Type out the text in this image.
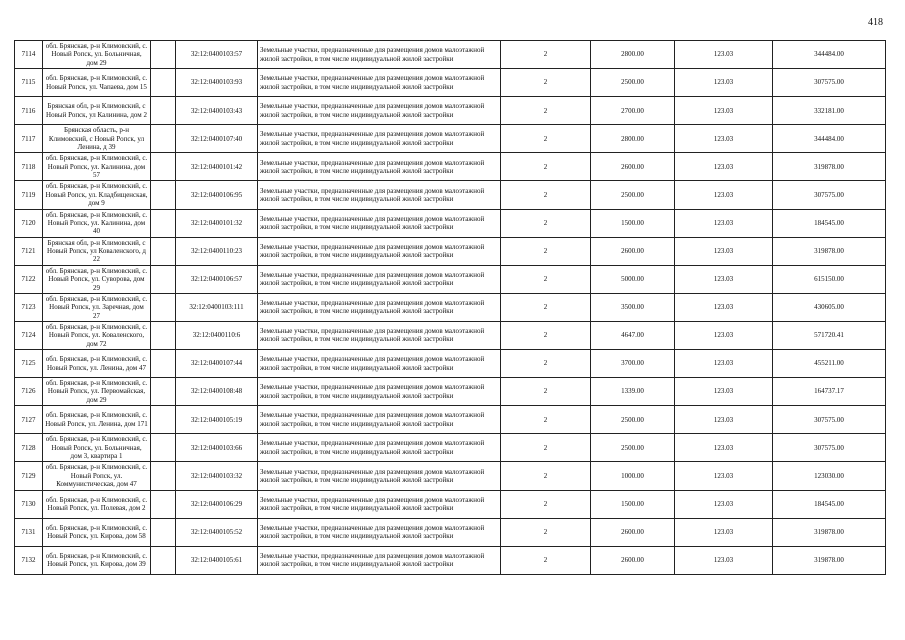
418
7114	обл. Брянская, р-н Климовский, с. Новый Ропск, ул. Больничная, дом 29		32:12:0400103:57	Земельные участки, предназначенные для размещения домов малоэтажной жилой застройки, в том числе индивидуальной жилой застройки	2	2800.00	123.03	344484.00
7115	обл. Брянская, р-н Климовский, с. Новый Ропск, ул. Чапаева, дом 15		32:12:0400103:93	Земельные участки, предназначенные для размещения домов малоэтажной жилой застройки, в том числе индивидуальной жилой застройки	2	2500.00	123.03	307575.00
7116	Брянская обл, р-н Климовский, с Новый Ропск, ул Калинина, дом 2		32:12:0400103:43	Земельные участки, предназначенные для размещения домов малоэтажной жилой застройки, в том числе индивидуальной жилой застройки	2	2700.00	123.03	332181.00
7117	Брянская область, р-н Климовский, с Новый Ропск, ул Ленина, д 39		32:12:0400107:40	Земельные участки, предназначенные для размещения домов малоэтажной жилой застройки, в том числе индивидуальной жилой застройки	2	2800.00	123.03	344484.00
7118	обл. Брянская, р-н Климовский, с. Новый Ропск, ул. Калинина, дом 57		32:12:0400101:42	Земельные участки, предназначенные для размещения домов малоэтажной жилой застройки, в том числе индивидуальной жилой застройки	2	2600.00	123.03	319878.00
7119	обл. Брянская, р-н Климовский, с. Новый Ропск, ул. Кладбищенская, дом 9		32:12:0400106:95	Земельные участки, предназначенные для размещения домов малоэтажной жилой застройки, в том числе индивидуальной жилой застройки	2	2500.00	123.03	307575.00
7120	обл. Брянская, р-н Климовский, с. Новый Ропск, ул. Калинина, дом 40		32:12:0400101:32	Земельные участки, предназначенные для размещения домов малоэтажной жилой застройки, в том числе индивидуальной жилой застройки	2	1500.00	123.03	184545.00
7121	Брянская обл, р-н Климовский, с Новый Ропск, ул Коваленского, д 22		32:12:0400110:23	Земельные участки, предназначенные для размещения домов малоэтажной жилой застройки, в том числе индивидуальной жилой застройки	2	2600.00	123.03	319878.00
7122	обл. Брянская, р-н Климовский, с. Новый Ропск, ул. Суворова, дом 29		32:12:0400106:57	Земельные участки, предназначенные для размещения домов малоэтажной жилой застройки, в том числе индивидуальной жилой застройки	2	5000.00	123.03	615150.00
7123	обл. Брянская, р-н Климовский, с. Новый Ропск, ул. Заречная, дом 27		32:12:0400103:111	Земельные участки, предназначенные для размещения домов малоэтажной жилой застройки, в том числе индивидуальной жилой застройки	2	3500.00	123.03	430605.00
7124	обл. Брянская, р-н Климовский, с. Новый Ропск, ул. Коваленского, дом 72		32:12:0400110:6	Земельные участки, предназначенные для размещения домов малоэтажной жилой застройки, в том числе индивидуальной жилой застройки	2	4647.00	123.03	571720.41
7125	обл. Брянская, р-н Климовский, с. Новый Ропск, ул. Ленина, дом 47		32:12:0400107:44	Земельные участки, предназначенные для размещения домов малоэтажной жилой застройки, в том числе индивидуальной жилой застройки	2	3700.00	123.03	455211.00
7126	обл. Брянская, р-н Климовский, с. Новый Ропск, ул. Первомайская, дом 29		32:12:0400108:48	Земельные участки, предназначенные для размещения домов малоэтажной жилой застройки, в том числе индивидуальной жилой застройки	2	1339.00	123.03	164737.17
7127	обл. Брянская, р-н Климовский, с. Новый Ропск, ул. Ленина, дом 171		32:12:0400105:19	Земельные участки, предназначенные для размещения домов малоэтажной жилой застройки, в том числе индивидуальной жилой застройки	2	2500.00	123.03	307575.00
7128	обл. Брянская, р-н Климовский, с. Новый Ропск, ул. Больничная, дом 3, квартира 1		32:12:0400103:66	Земельные участки, предназначенные для размещения домов малоэтажной жилой застройки, в том числе индивидуальной жилой застройки	2	2500.00	123.03	307575.00
7129	обл. Брянская, р-н Климовский, с. Новый Ропск, ул. Коммунистическая, дом 47		32:12:0400103:32	Земельные участки, предназначенные для размещения домов малоэтажной жилой застройки, в том числе индивидуальной жилой застройки	2	1000.00	123.03	123030.00
7130	обл. Брянская, р-н Климовский, с. Новый Ропск, ул. Полевая, дом 2		32:12:0400106:29	Земельные участки, предназначенные для размещения домов малоэтажной жилой застройки, в том числе индивидуальной жилой застройки	2	1500.00	123.03	184545.00
7131	обл. Брянская, р-н Климовский, с. Новый Ропск, ул. Кирова, дом 58		32:12:0400105:52	Земельные участки, предназначенные для размещения домов малоэтажной жилой застройки, в том числе индивидуальной жилой застройки	2	2600.00	123.03	319878.00
7132	обл. Брянская, р-н Климовский, с. Новый Ропск, ул. Кирова, дом 39		32:12:0400105:61	Земельные участки, предназначенные для размещения домов малоэтажной жилой застройки, в том числе индивидуальной жилой застройки	2	2600.00	123.03	319878.00
